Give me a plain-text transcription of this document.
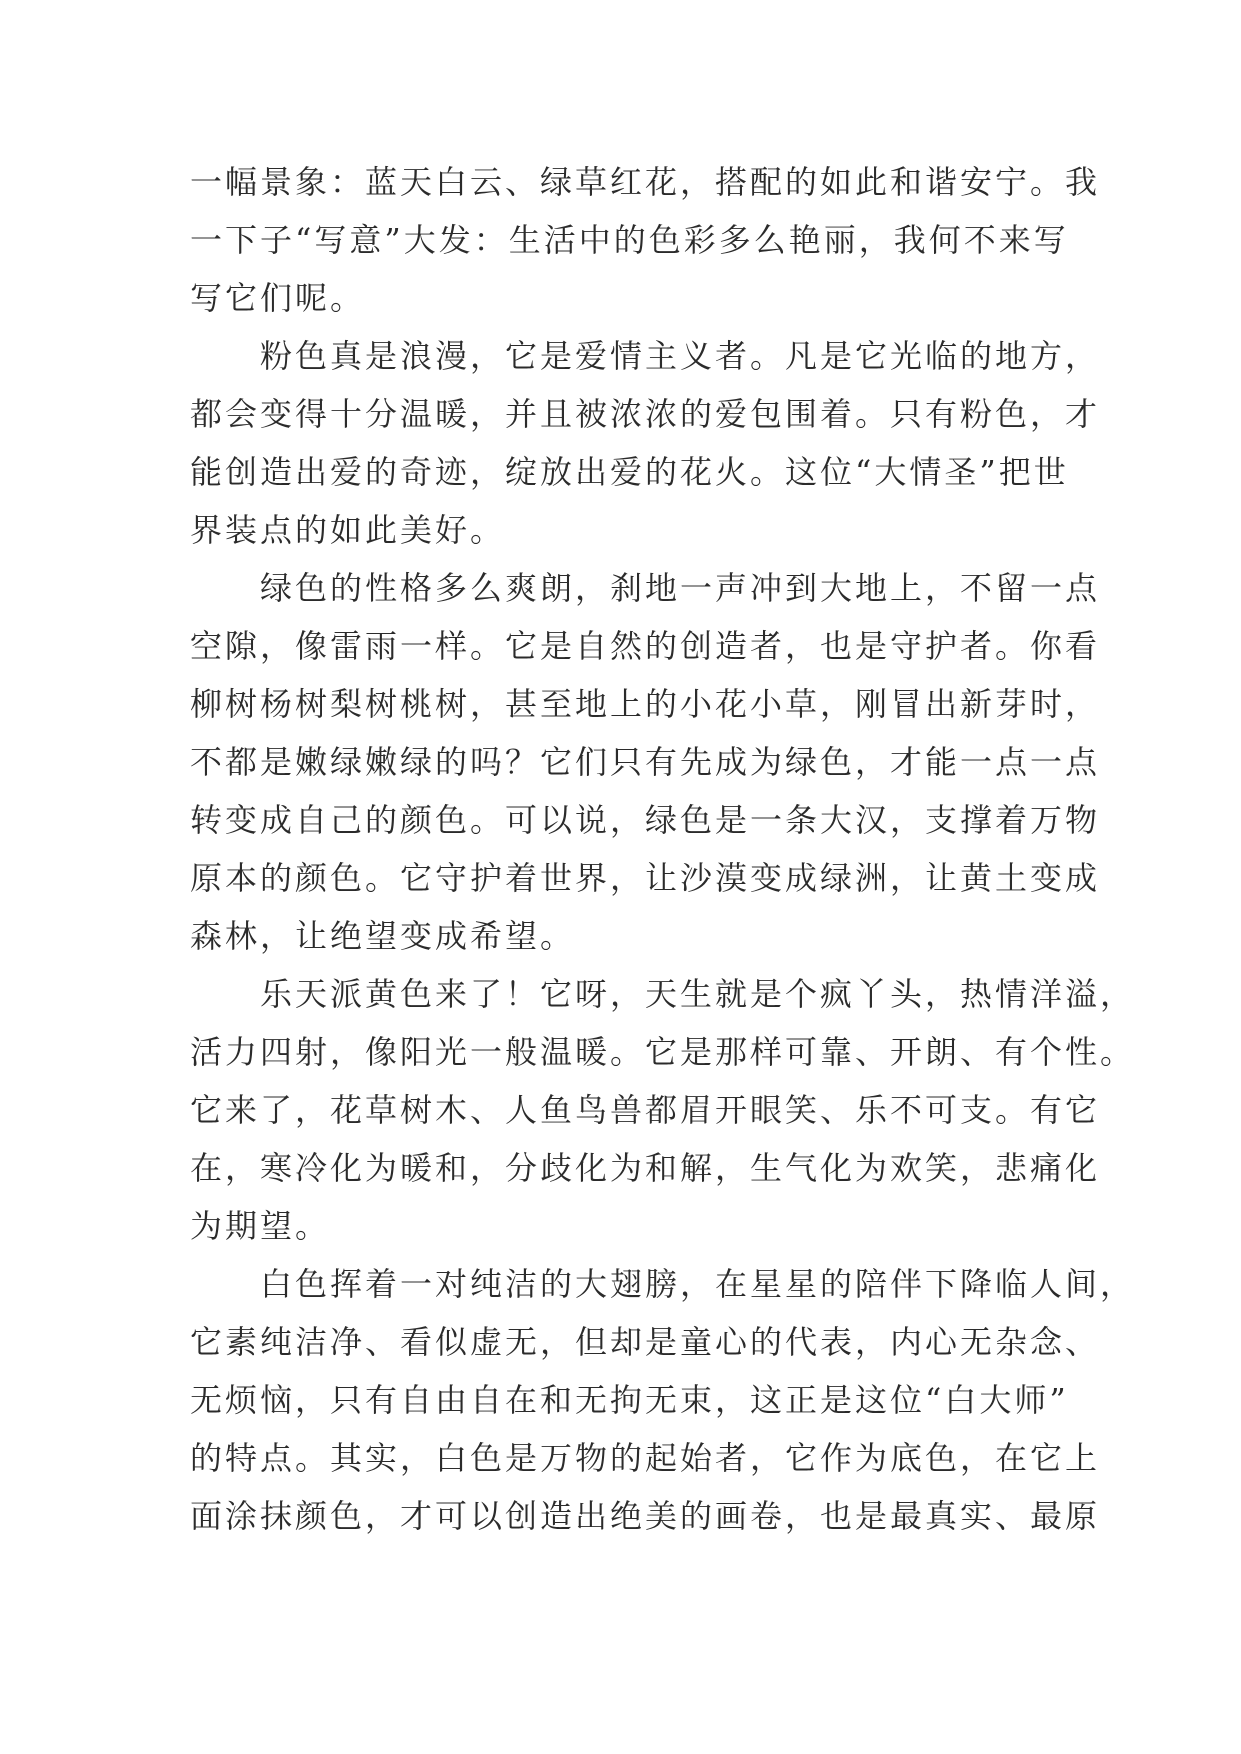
一幅景象：蓝天白云、绿草红花，搭配的如此和谐安宁。我
一下子“写意”大发：生活中的色彩多么艳丽，我何不来写
写它们呢。
　　粉色真是浪漫，它是爱情主义者。凡是它光临的地方，
都会变得十分温暖，并且被浓浓的爱包围着。只有粉色，才
能创造出爱的奇迹，绽放出爱的花火。这位“大情圣”把世
界装点的如此美好。
　　绿色的性格多么爽朗，刹地一声冲到大地上，不留一点
空隙，像雷雨一样。它是自然的创造者，也是守护者。你看
柳树杨树梨树桃树，甚至地上的小花小草，刚冒出新芽时，
不都是嫩绿嫩绿的吗？它们只有先成为绿色，才能一点一点
转变成自己的颜色。可以说，绿色是一条大汉，支撑着万物
原本的颜色。它守护着世界，让沙漠变成绿洲，让黄土变成
森林，让绝望变成希望。
　　乐天派黄色来了！它呀，天生就是个疯丫头，热情洋溢，
活力四射，像阳光一般温暖。它是那样可靠、开朗、有个性。
它来了，花草树木、人鱼鸟兽都眉开眼笑、乐不可支。有它
在，寒冷化为暖和，分歧化为和解，生气化为欢笑，悲痛化
为期望。
　　白色挥着一对纯洁的大翅膀，在星星的陪伴下降临人间，
它素纯洁净、看似虚无，但却是童心的代表，内心无杂念、
无烦恼，只有自由自在和无拘无束，这正是这位“白大师”
的特点。其实，白色是万物的起始者，它作为底色，在它上
面涂抹颜色，才可以创造出绝美的画卷，也是最真实、最原
